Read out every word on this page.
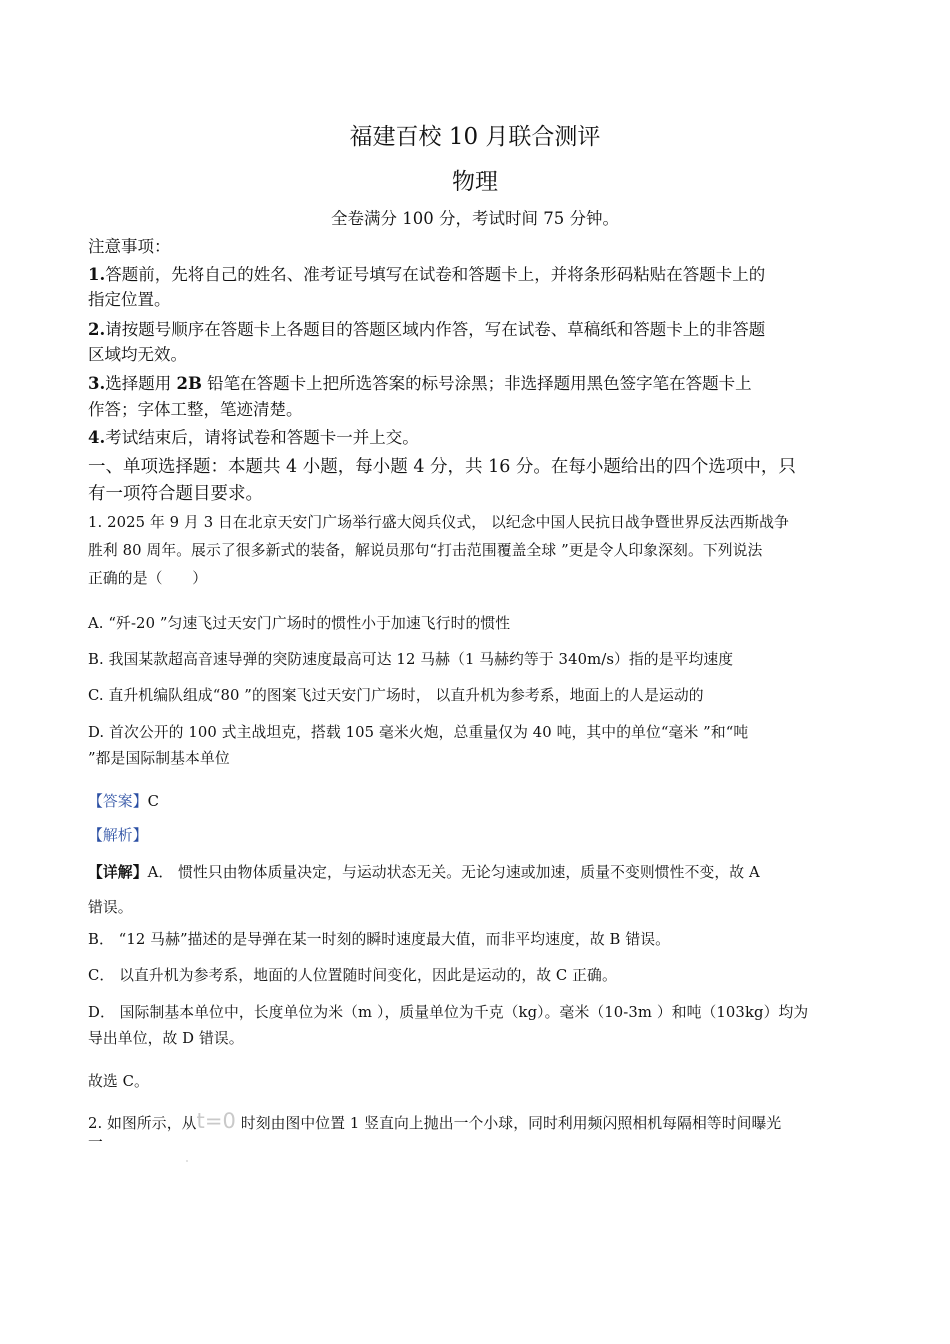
福建百校 10 月联合测评
物理
全卷满分 100 分，考试时间 75 分钟。
注意事项：
1.答题前，先将自己的姓名、准考证号填写在试卷和答题卡上，并将条形码粘贴在答题卡上的
指定位置。
2.请按题号顺序在答题卡上各题目的答题区域内作答，写在试卷、草稿纸和答题卡上的非答题
区域均无效。
3.选择题用 2B 铅笔在答题卡上把所选答案的标号涂黑；非选择题用黑色签字笔在答题卡上
作答；字体工整，笔迹清楚。
4.考试结束后，请将试卷和答题卡一并上交。
一、单项选择题：本题共 4 小题，每小题 4 分，共 16 分。在每小题给出的四个选项中，只
有一项符合题目要求。
1. 2025 年 9 月 3 日在北京天安门广场举行盛大阅兵仪式， 以纪念中国人民抗日战争暨世界反法西斯战争
胜利 80 周年。展示了很多新式的装备，解说员那句“打击范围覆盖全球 ”更是令人印象深刻。下列说法
正确的是（　　）
A. “歼-20 ”匀速飞过天安门广场时的惯性小于加速飞行时的惯性
B. 我国某款超高音速导弹的突防速度最高可达 12 马赫（1 马赫约等于 340m/s）指的是平均速度
C. 直升机编队组成“80 ”的图案飞过天安门广场时， 以直升机为参考系，地面上的人是运动的
D. 首次公开的 100 式主战坦克，搭载 105 毫米火炮，总重量仅为 40 吨，其中的单位“毫米 ”和“吨
”都是国际制基本单位
【答案】C
【解析】
【详解】A． 惯性只由物体质量决定，与运动状态无关。无论匀速或加速，质量不变则惯性不变，故 A
错误。
B． “12 马赫”描述的是导弹在某一时刻的瞬时速度最大值，而非平均速度，故 B 错误。
C． 以直升机为参考系，地面的人位置随时间变化，因此是运动的，故 C 正确。
D． 国际制基本单位中，长度单位为米（m ），质量单位为千克（kg）。毫米（10-3m ）和吨（103kg）均为
导出单位，故 D 错误。
故选 C。
2. 如图所示，从t=0 时刻由图中位置 1 竖直向上抛出一个小球，同时利用频闪照相机每隔相等时间曝光
一
